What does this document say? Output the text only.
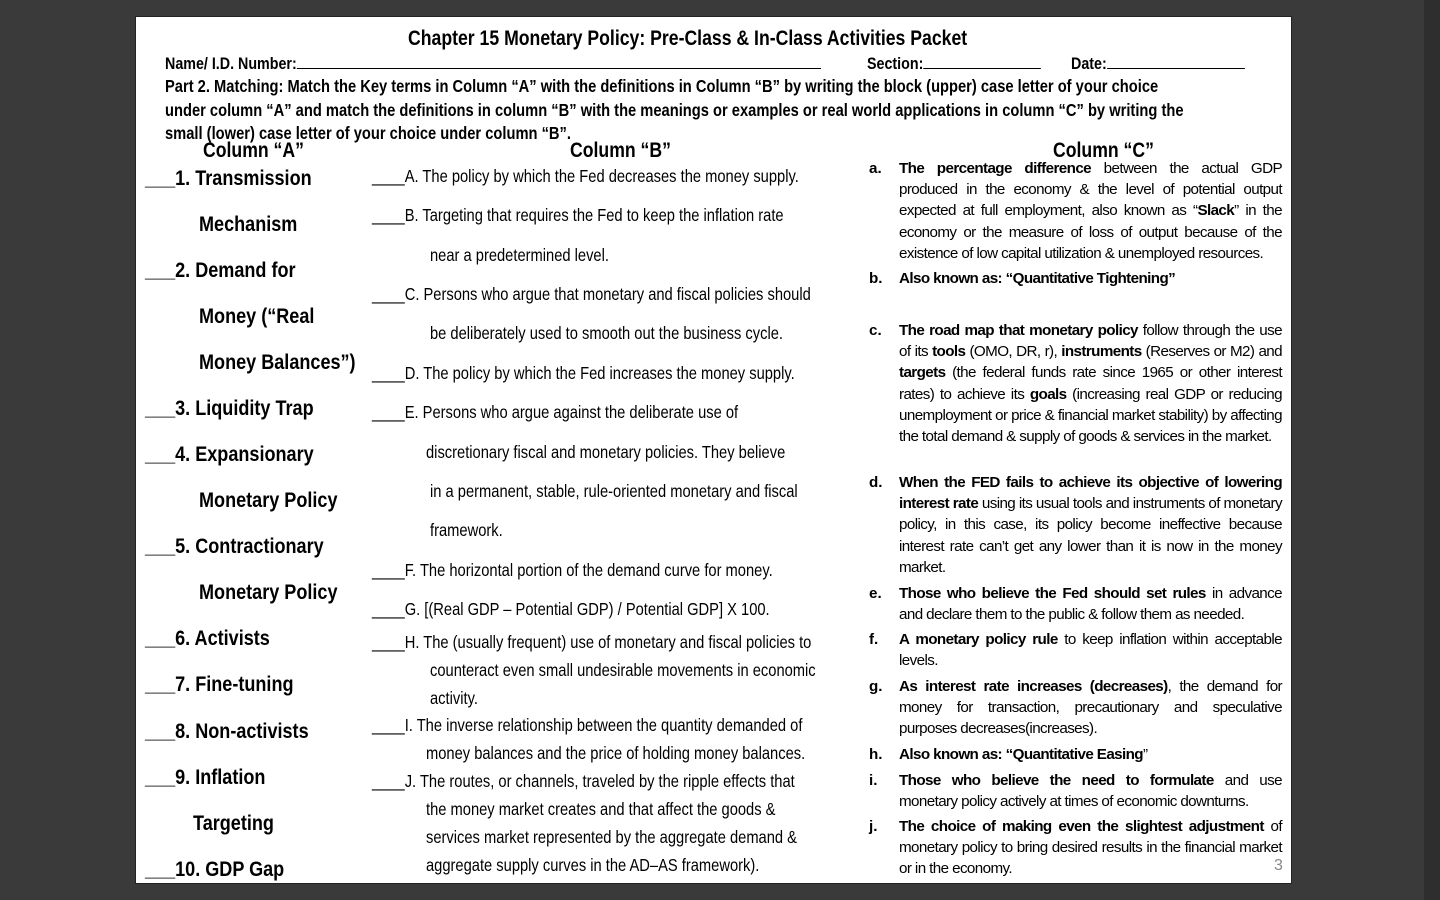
Chapter 15 Monetary Policy: Pre-Class & In-Class Activities Packet
Name/ I.D. Number:	Section:	Date:
Part 2. Matching: Match the Key terms in Column “A” with the definitions in Column “B” by writing the block (upper) case letter of your choice
under column “A” and match the definitions in column “B” with the meanings or examples or real world applications in column “C” by writing the
small (lower) case letter of your choice under column “B”.
Column “A”	Column “B”	Column “C”
___1. Transmission
Mechanism
___2. Demand for
Money (“Real
Money Balances”)
___3. Liquidity Trap
___4. Expansionary
Monetary Policy
___5. Contractionary
Monetary Policy
___6. Activists
___7. Fine-tuning
___8. Non-activists
___9. Inflation
Targeting
___10. GDP Gap
____A. The policy by which the Fed decreases the money supply.
____B. Targeting that requires the Fed to keep the inflation rate
near a predetermined level.
____C. Persons who argue that monetary and fiscal policies should
be deliberately used to smooth out the business cycle.
____D. The policy by which the Fed increases the money supply.
____E. Persons who argue against the deliberate use of
discretionary fiscal and monetary policies. They believe
in a permanent, stable, rule-oriented monetary and fiscal
framework.
____F. The horizontal portion of the demand curve for money.
____G. [(Real GDP – Potential GDP) / Potential GDP] X 100.
____H. The (usually frequent) use of monetary and fiscal policies to
counteract even small undesirable movements in economic
activity.
____I. The inverse relationship between the quantity demanded of
money balances and the price of holding money balances.
____J. The routes, or channels, traveled by the ripple effects that
the money market creates and that affect the goods &
services market represented by the aggregate demand &
aggregate supply curves in the AD–AS framework).
a. The percentage difference between the actual GDP produced in the economy & the level of potential output expected at full employment, also known as “Slack” in the economy or the measure of loss of output because of the existence of low capital utilization & unemployed resources.
b. Also known as: “Quantitative Tightening”
c. The road map that monetary policy follow through the use of its tools (OMO, DR, r), instruments (Reserves or M2) and targets (the federal funds rate since 1965 or other interest rates) to achieve its goals (increasing real GDP or reducing unemployment or price & financial market stability) by affecting the total demand & supply of goods & services in the market.
d. When the FED fails to achieve its objective of lowering interest rate using its usual tools and instruments of monetary policy, in this case, its policy become ineffective because interest rate can’t get any lower than it is now in the money market.
e. Those who believe the Fed should set rules in advance and declare them to the public & follow them as needed.
f. A monetary policy rule to keep inflation within acceptable levels.
g. As interest rate increases (decreases), the demand for money for transaction, precautionary and speculative purposes decreases(increases).
h. Also known as: “Quantitative Easing”
i. Those who believe the need to formulate and use monetary policy actively at times of economic downturns.
j. The choice of making even the slightest adjustment of monetary policy to bring desired results in the financial market or in the economy.	3
